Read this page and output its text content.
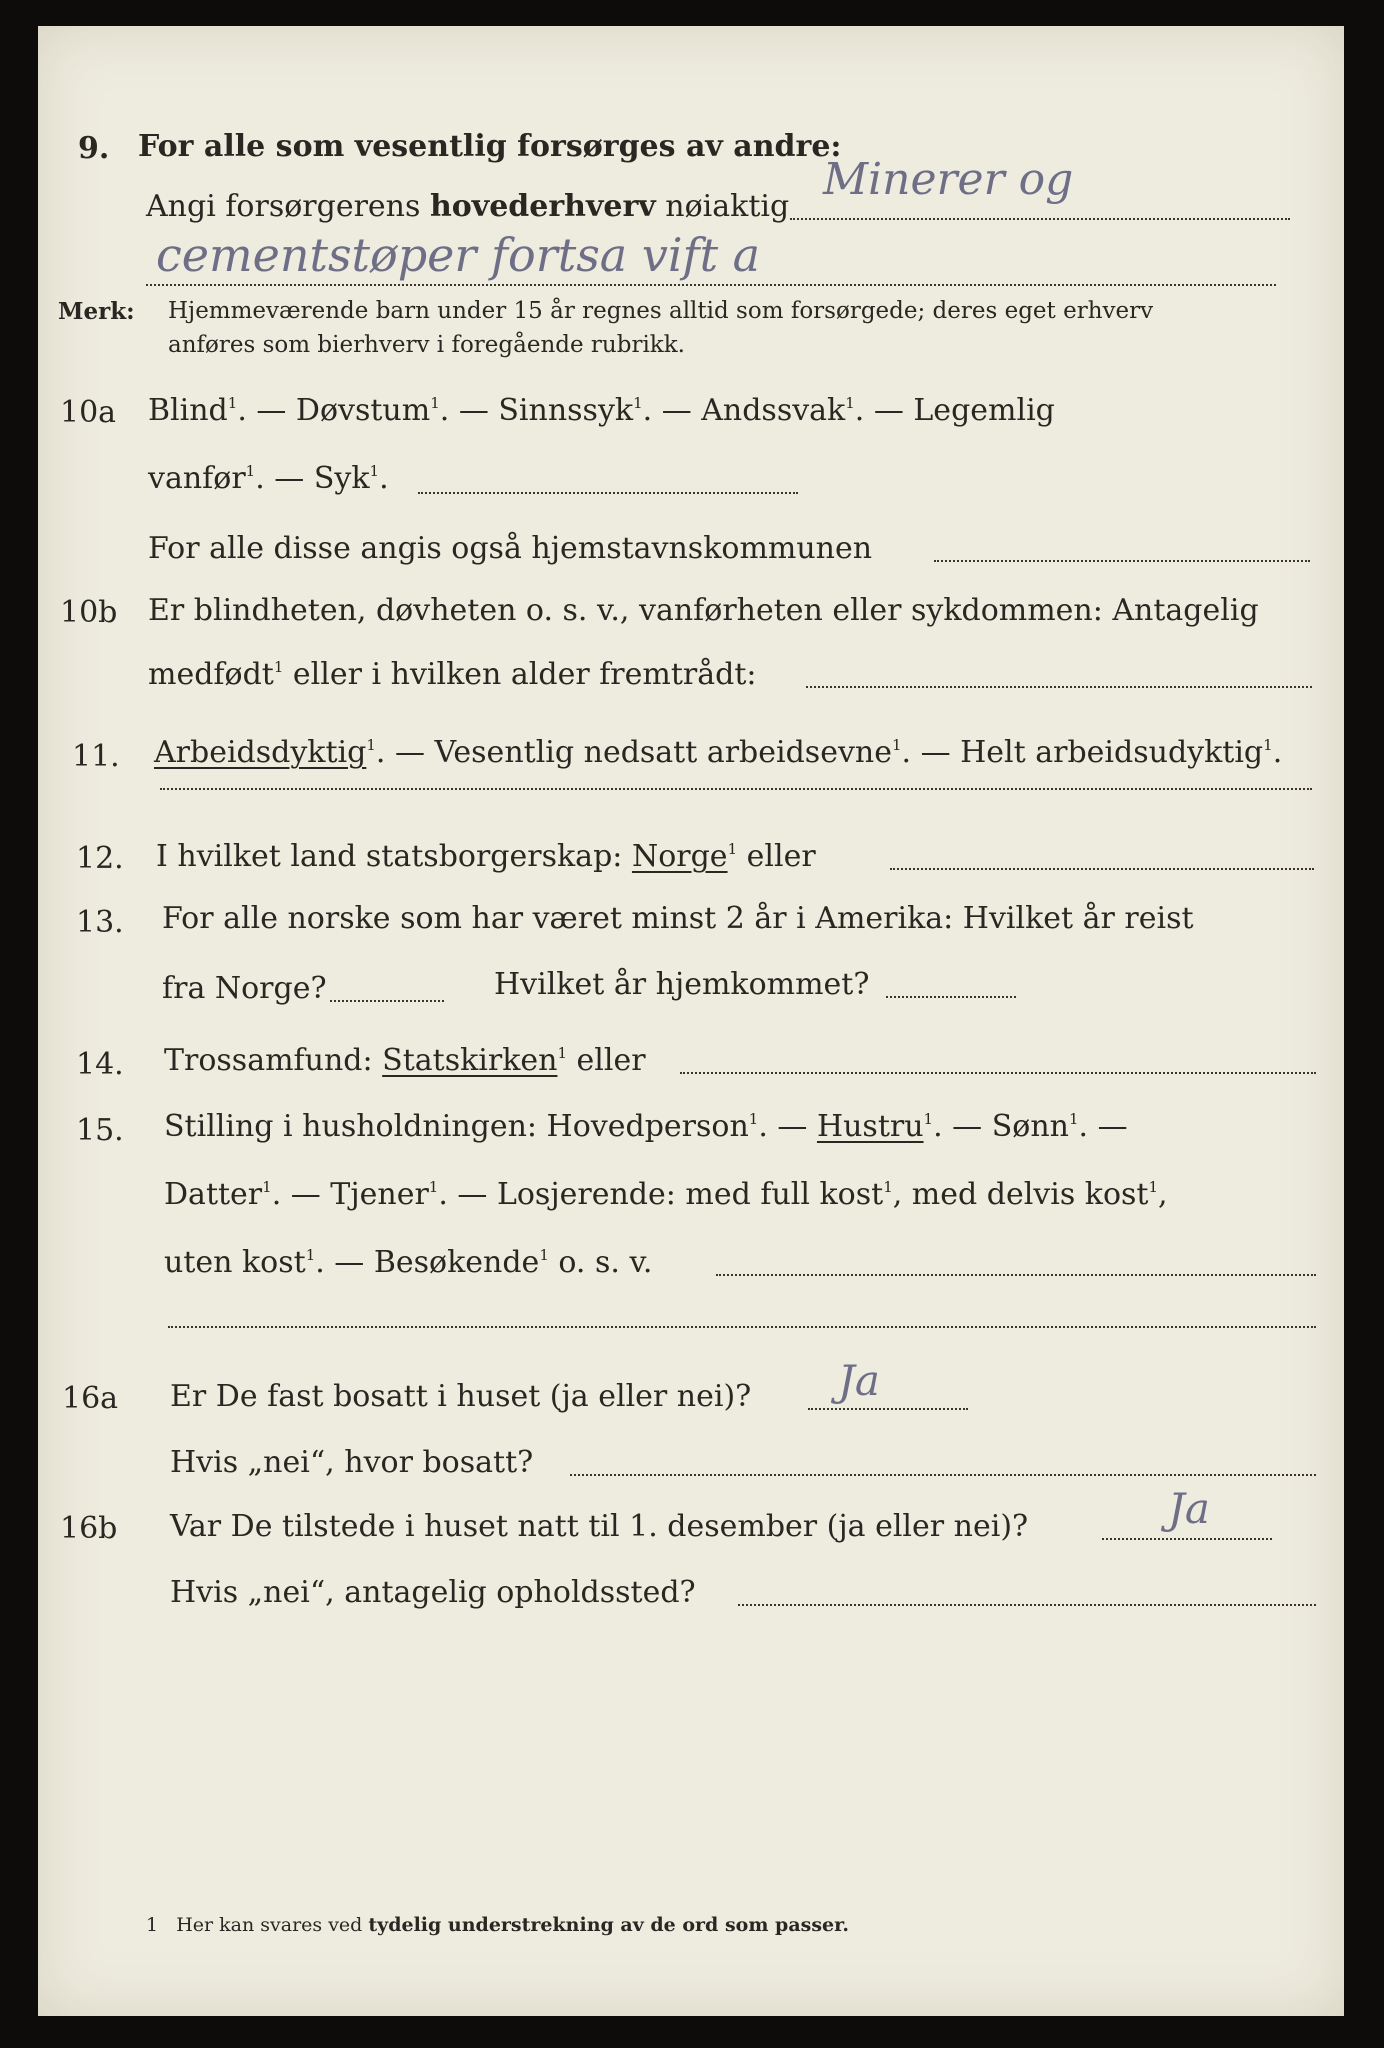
9. For alle som vesentlig forsørges av andre:
Angi forsørgerens hovederhverv nøiaktig
Minerer og
cementstøper fortsa vift a
Merk: Hjemmeværende barn under 15 år regnes alltid som forsørgede; deres eget erhverv
anføres som bierhverv i foregående rubrikk.
10a Blind$^1$. — Døvstum$^1$. — Sinnssyk$^1$. — Andssvak$^1$. — Legemlig
vanfør$^1$. — Syk$^1$.
For alle disse angis også hjemstavnskommunen
10b Er blindheten, døvheten o. s. v., vanførheten eller sykdommen: Antagelig
medfødt$^1$ eller i hvilken alder fremtrådt:
11. Arbeidsdyktig$^1$. — Vesentlig nedsatt arbeidsevne$^1$. — Helt arbeidsudyktig$^1$.
12. I hvilket land statsborgerskap: Norge$^1$ eller
13. For alle norske som har været minst 2 år i Amerika: Hvilket år reist
fra Norge?	Hvilket år hjemkommet?
14. Trossamfund: Statskirken$^1$ eller
15. Stilling i husholdningen: Hovedperson$^1$. — Hustru$^1$. — Sønn$^1$. —
Datter$^1$. — Tjener$^1$. — Losjerende: med full kost$^1$, med delvis kost$^1$,
uten kost$^1$. — Besøkende$^1$ o. s. v.
16a Er De fast bosatt i huset (ja eller nei)? Ja
Hvis „nei“, hvor bosatt?
16b Var De tilstede i huset natt til 1. desember (ja eller nei)?	Ja
Hvis „nei“, antagelig opholdssted?
1 Her kan svares ved tydelig understrekning av de ord som passer.
